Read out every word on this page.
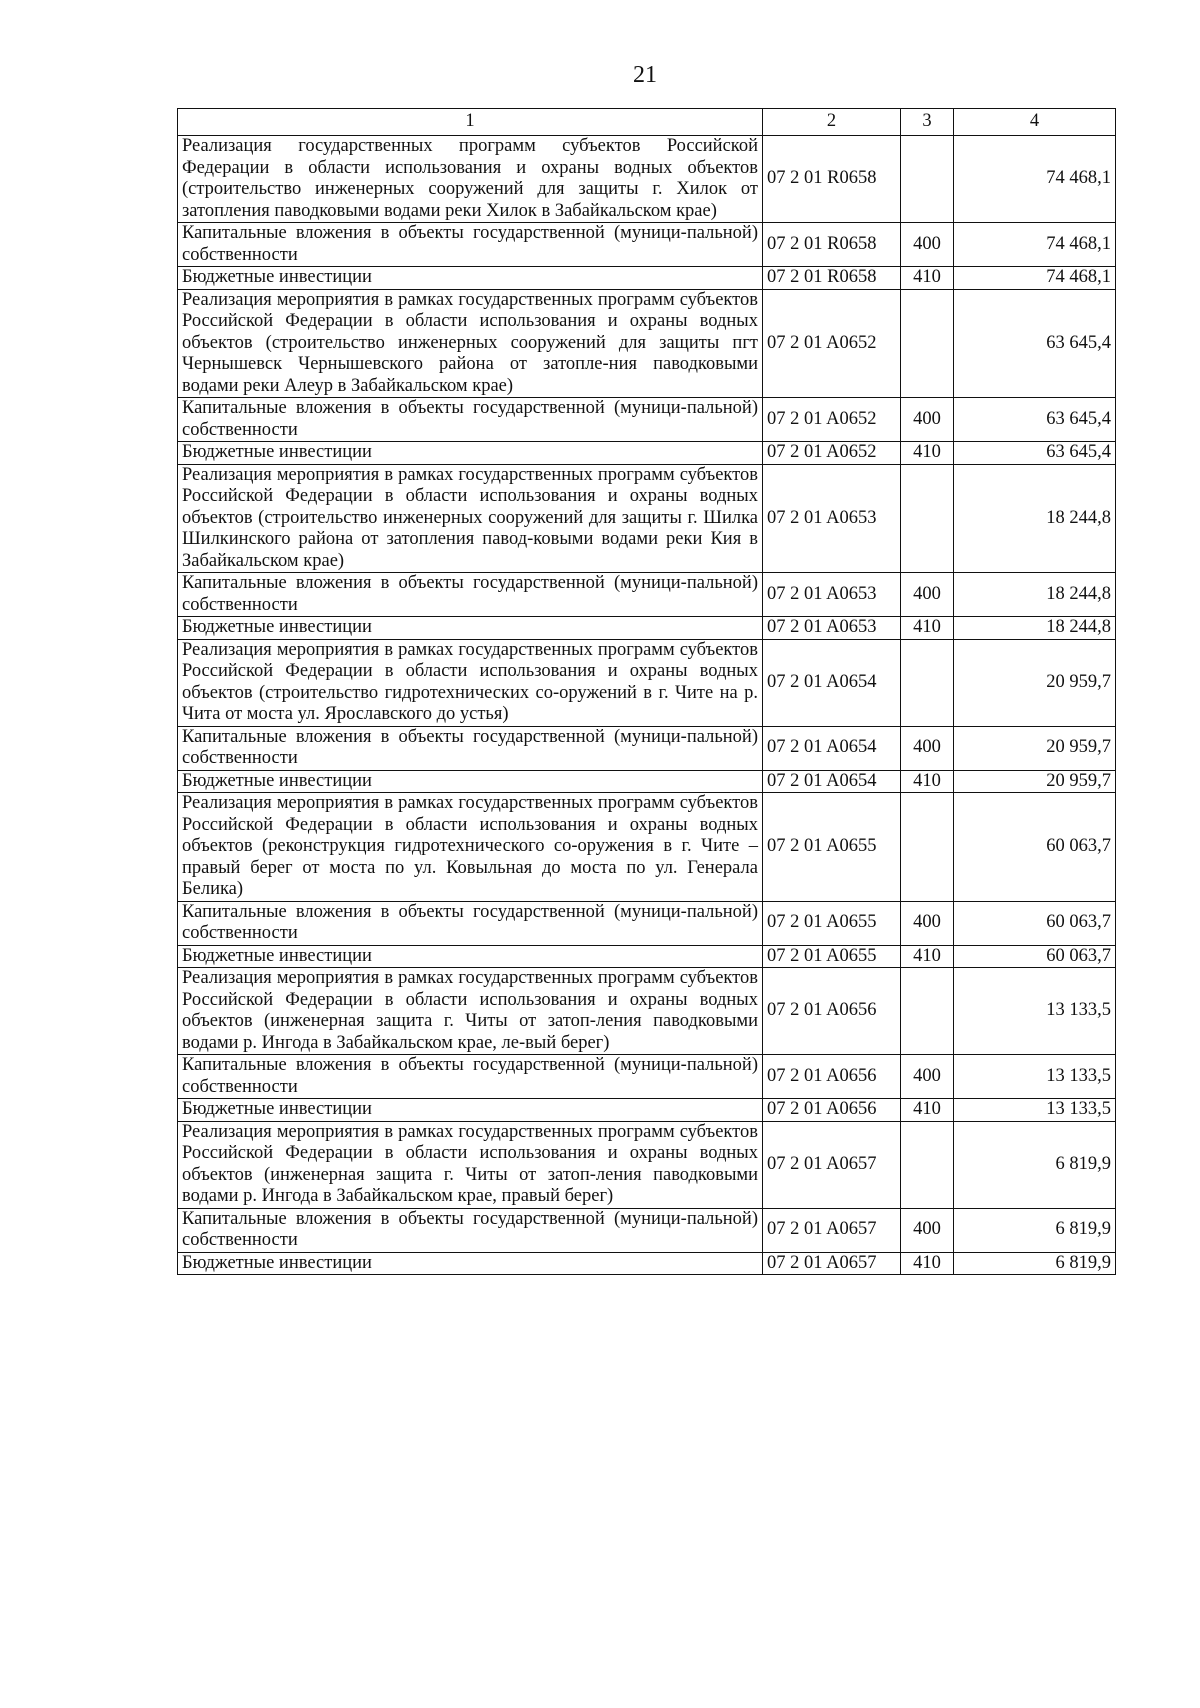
21
1	2	3	4
Реализация государственных программ субъектов Российской Федерации в области использования и охраны водных объектов (строительство инженерных сооружений для защиты г. Хилок от затопления паводковыми водами реки Хилок в Забайкальском крае)	07 2 01 R0658		74 468,1
Капитальные вложения в объекты государственной (муници-пальной) собственности	07 2 01 R0658	400	74 468,1
Бюджетные инвестиции	07 2 01 R0658	410	74 468,1
Реализация мероприятия в рамках государственных программ субъектов Российской Федерации в области использования и охраны водных объектов (строительство инженерных сооружений для защиты пгт Чернышевск Чернышевского района от затопле-ния паводковыми водами реки Алеур в Забайкальском крае)	07 2 01 A0652		63 645,4
Капитальные вложения в объекты государственной (муници-пальной) собственности	07 2 01 A0652	400	63 645,4
Бюджетные инвестиции	07 2 01 A0652	410	63 645,4
Реализация мероприятия в рамках государственных программ субъектов Российской Федерации в области использования и охраны водных объектов (строительство инженерных сооружений для защиты г. Шилка Шилкинского района от затопления павод-ковыми водами реки Кия в Забайкальском крае)	07 2 01 A0653		18 244,8
Капитальные вложения в объекты государственной (муници-пальной) собственности	07 2 01 A0653	400	18 244,8
Бюджетные инвестиции	07 2 01 A0653	410	18 244,8
Реализация мероприятия в рамках государственных программ субъектов Российской Федерации в области использования и охраны водных объектов (строительство гидротехнических со-оружений в г. Чите на р. Чита от моста ул. Ярославского до устья)	07 2 01 A0654		20 959,7
Капитальные вложения в объекты государственной (муници-пальной) собственности	07 2 01 A0654	400	20 959,7
Бюджетные инвестиции	07 2 01 A0654	410	20 959,7
Реализация мероприятия в рамках государственных программ субъектов Российской Федерации в области использования и охраны водных объектов (реконструкция гидротехнического со-оружения в г. Чите – правый берег от моста по ул. Ковыльная до моста по ул. Генерала Белика)	07 2 01 A0655		60 063,7
Капитальные вложения в объекты государственной (муници-пальной) собственности	07 2 01 A0655	400	60 063,7
Бюджетные инвестиции	07 2 01 A0655	410	60 063,7
Реализация мероприятия в рамках государственных программ субъектов Российской Федерации в области использования и охраны водных объектов (инженерная защита г. Читы от затоп-ления паводковыми водами р. Ингода в Забайкальском крае, ле-вый берег)	07 2 01 A0656		13 133,5
Капитальные вложения в объекты государственной (муници-пальной) собственности	07 2 01 A0656	400	13 133,5
Бюджетные инвестиции	07 2 01 A0656	410	13 133,5
Реализация мероприятия в рамках государственных программ субъектов Российской Федерации в области использования и охраны водных объектов (инженерная защита г. Читы от затоп-ления паводковыми водами р. Ингода в Забайкальском крае, правый берег)	07 2 01 A0657		6 819,9
Капитальные вложения в объекты государственной (муници-пальной) собственности	07 2 01 A0657	400	6 819,9
Бюджетные инвестиции	07 2 01 A0657	410	6 819,9
